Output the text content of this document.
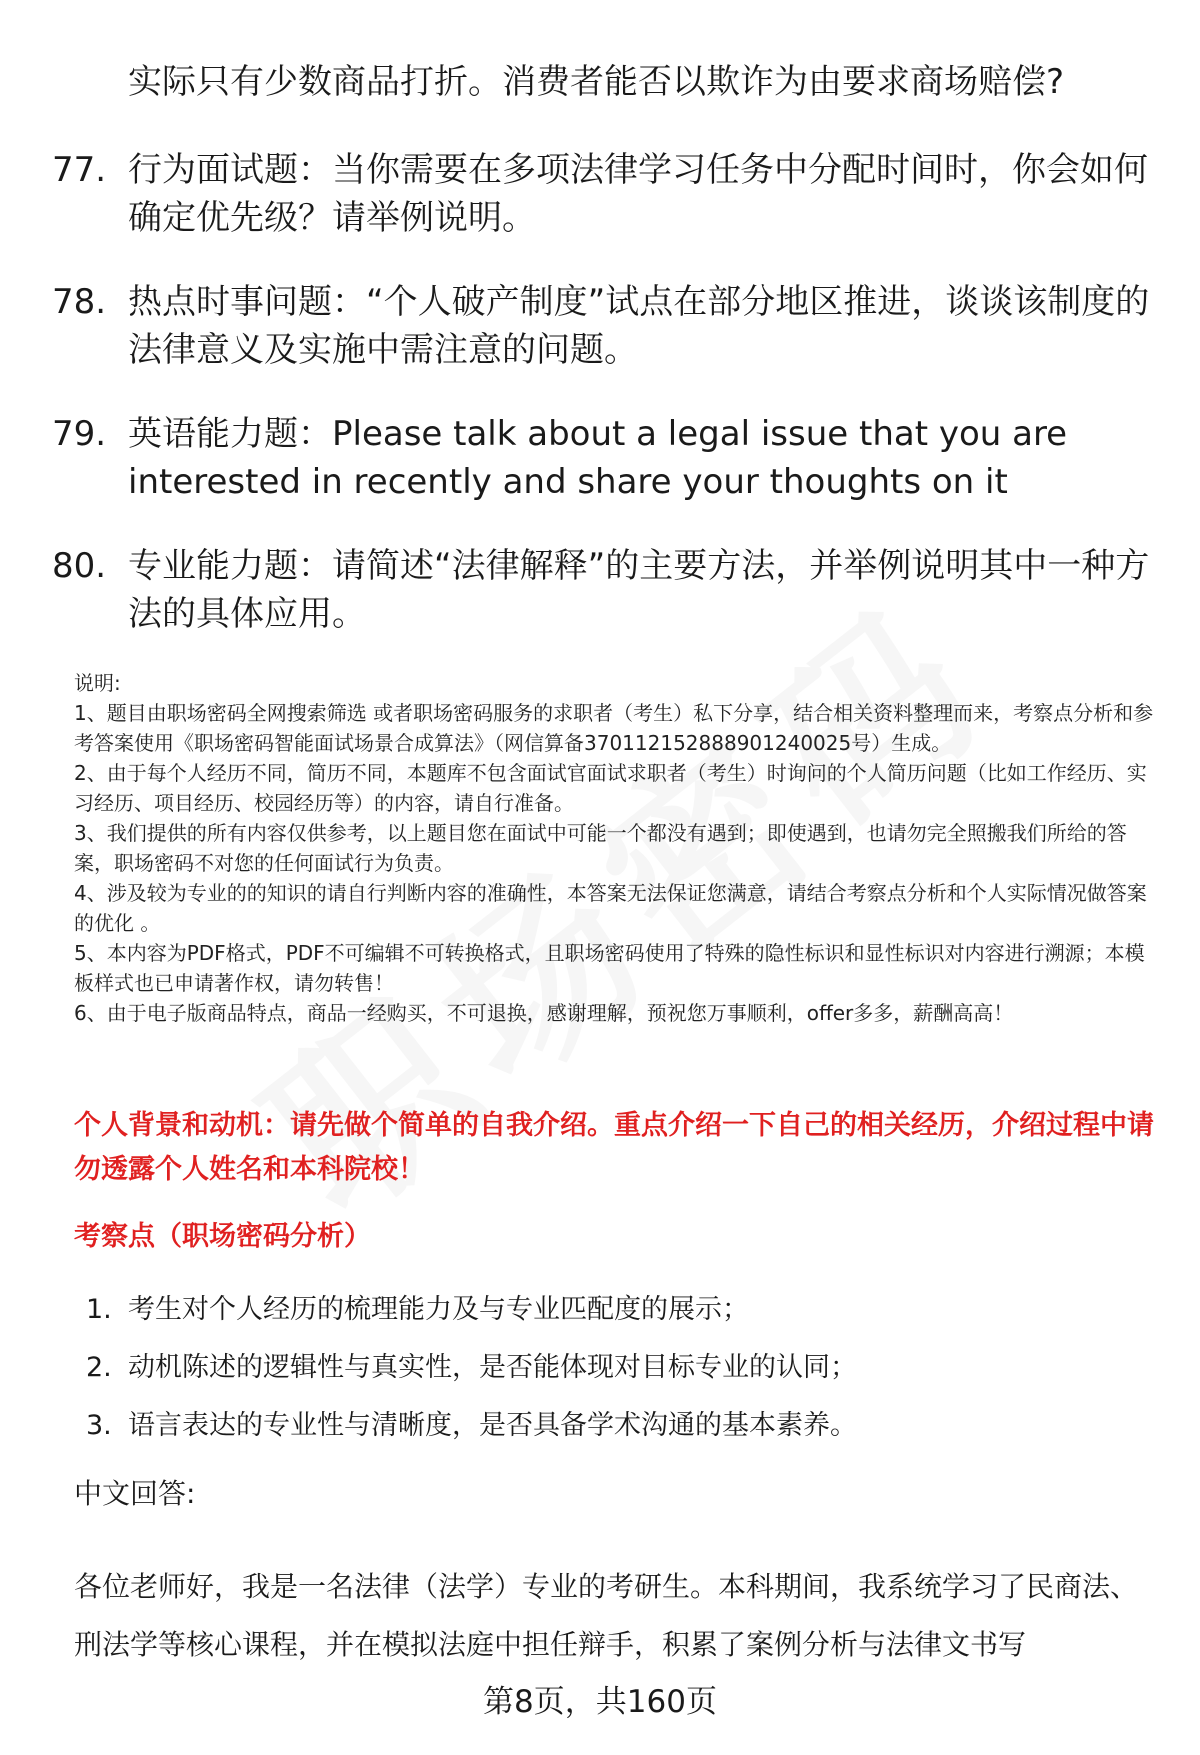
实际只有少数商品打折。消费者能否以欺诈为由要求商场赔偿?
77. 行为面试题：当你需要在多项法律学习任务中分配时间时，你会如何确定优先级？请举例说明。
78. 热点时事问题：“个人破产制度”试点在部分地区推进，谈谈该制度的法律意义及实施中需注意的问题。
79. 英语能力题：Please talk about a legal issue that you are interested in recently and share your thoughts on it
80. 专业能力题：请简述“法律解释”的主要方法，并举例说明其中一种方法的具体应用。

说明:

1、题目由职场密码全网搜索筛选 或者职场密码服务的求职者（考生）私下分享，结合相关资料整理而来，考察点分析和参考答案使用《职场密码智能面试场景合成算法》（网信算备370112152888901240025号）生成。

2、由于每个人经历不同，简历不同，本题库不包含面试官面试求职者（考生）时询问的个人简历问题（比如工作经历、实习经历、项目经历、校园经历等）的内容，请自行准备。

3、我们提供的所有内容仅供参考，以上题目您在面试中可能一个都没有遇到；即使遇到，也请勿完全照搬我们所给的答案，职场密码不对您的任何面试行为负责。

4、涉及较为专业的的知识的请自行判断内容的准确性，本答案无法保证您满意，请结合考察点分析和个人实际情况做答案的优化 。

5、本内容为PDF格式，PDF不可编辑不可转换格式，且职场密码使用了特殊的隐性标识和显性标识对内容进行溯源；本模板样式也已申请著作权，请勿转售！

6、由于电子版商品特点，商品一经购买，不可退换，感谢理解，预祝您万事顺利，offer多多，薪酬高高！

个人背景和动机：请先做个简单的自我介绍。重点介绍一下自己的相关经历，介绍过程中请勿透露个人姓名和本科院校！
考察点（职场密码分析）
1. 考生对个人经历的梳理能力及与专业匹配度的展示；
2. 动机陈述的逻辑性与真实性，是否能体现对目标专业的认同；
3. 语言表达的专业性与清晰度，是否具备学术沟通的基本素养。
中文回答:
各位老师好，我是一名法律（法学）专业的考研生。本科期间，我系统学习了民商法、刑法学等核心课程，并在模拟法庭中担任辩手，积累了案例分析与法律文书写
第8页，共160页
